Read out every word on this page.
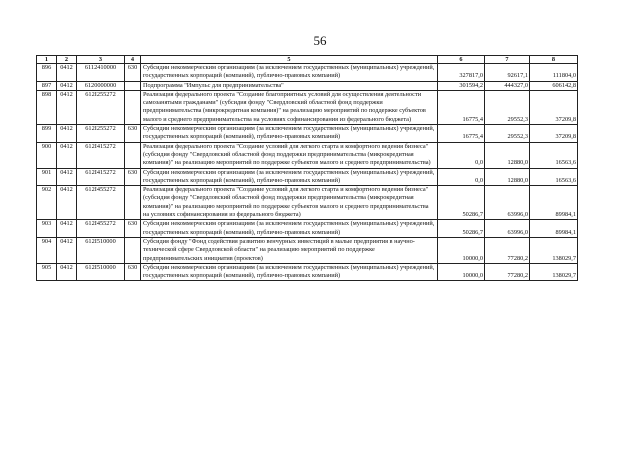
56
1	2	3	4	5	6	7	8
896	0412	6112410000	630	Субсидии некоммерческим организациям (за исключением государственных (муниципальных) учреждений, государственных корпораций (компаний), публично-правовых компаний)	327817,0	92617,1	111804,0
897	0412	6120000000		Подпрограмма "Импульс для предпринимательства"	301594,2	444327,0	606142,8
898	0412	612I255272		Реализация федерального проекта "Создание благоприятных условий для осуществления деятельности самозанятыми гражданами" (субсидия фонду "Свердловский областной фонд поддержки предпринимательства (микрокредитная компания)" на реализацию мероприятий по поддержке субъектов малого и среднего предпринимательства на условиях софинансирования из федерального бюджета)	16775,4	29552,3	37209,8
899	0412	612I255272	630	Субсидии некоммерческим организациям (за исключением государственных (муниципальных) учреждений, государственных корпораций (компаний), публично-правовых компаний)	16775,4	29552,3	37209,8
900	0412	612I415272		Реализация федерального проекта "Создание условий для легкого старта и комфортного ведения бизнеса" (субсидия фонду "Свердловский областной фонд поддержки предпринимательства (микрокредитная компания)" на реализацию мероприятий по поддержке субъектов малого и среднего предпринимательства)	0,0	12880,0	16563,6
901	0412	612I415272	630	Субсидии некоммерческим организациям (за исключением государственных (муниципальных) учреждений, государственных корпораций (компаний), публично-правовых компаний)	0,0	12880,0	16563,6
902	0412	612I455272		Реализация федерального проекта "Создание условий для легкого старта и комфортного ведения бизнеса" (субсидия фонду "Свердловский областной фонд поддержки предпринимательства (микрокредитная компания)" на реализацию мероприятий по поддержке субъектов малого и среднего предпринимательства на условиях софинансирования из федерального бюджета)	50286,7	63996,0	89984,1
903	0412	612I455272	630	Субсидии некоммерческим организациям (за исключением государственных (муниципальных) учреждений, государственных корпораций (компаний), публично-правовых компаний)	50286,7	63996,0	89984,1
904	0412	612I510000		Субсидия фонду "Фонд содействия развитию венчурных инвестиций в малые предприятия в научно-технической сфере Свердловской области" на реализацию мероприятий по поддержке предпринимательских инициатив (проектов)	10000,0	77280,2	138029,7
905	0412	612I510000	630	Субсидии некоммерческим организациям (за исключением государственных (муниципальных) учреждений, государственных корпораций (компаний), публично-правовых компаний)	10000,0	77280,2	138029,7
